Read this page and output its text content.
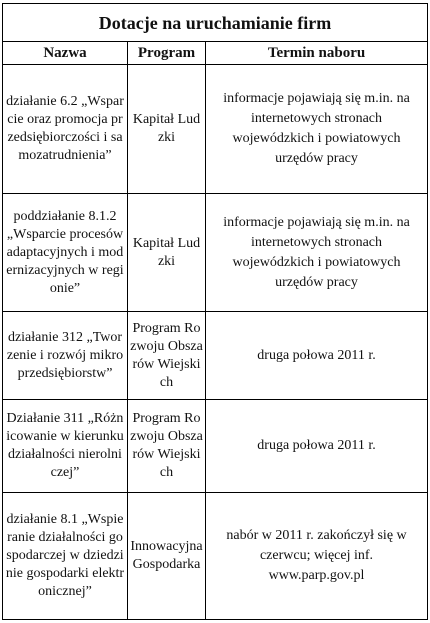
Dotacje na uruchamianie firm		
Nazwa	Program	Termin naboru
działanie 6.2 „Wsparcie oraz promocja przedsiębiorczości i samozatrudnienia”	Kapitał Ludzki	informacje pojawiają się m.in. na internetowych stronach wojewódzkich i powiatowych urzędów pracy
poddziałanie 8.1.2 „Wsparcie procesów adaptacyjnych i modernizacyjnych w regionie”	Kapitał Ludzki	informacje pojawiają się m.in. na internetowych stronach wojewódzkich i powiatowych urzędów pracy
działanie 312 „Tworzenie i rozwój mikroprzedsiębiorstw”	Program Rozwoju Obszarów Wiejskich	druga połowa 2011 r.
Działanie 311 „Różnicowanie w kierunku działalności nierolniczej”	Program Rozwoju Obszarów Wiejskich	druga połowa 2011 r.
działanie 8.1 „Wspieranie działalności gospodarczej w dziedzinie gospodarki elektronicznej”	Innowacyjna Gospodarka	nabór w 2011 r. zakończył się w czerwcu; więcej inf. www.parp.gov.pl
